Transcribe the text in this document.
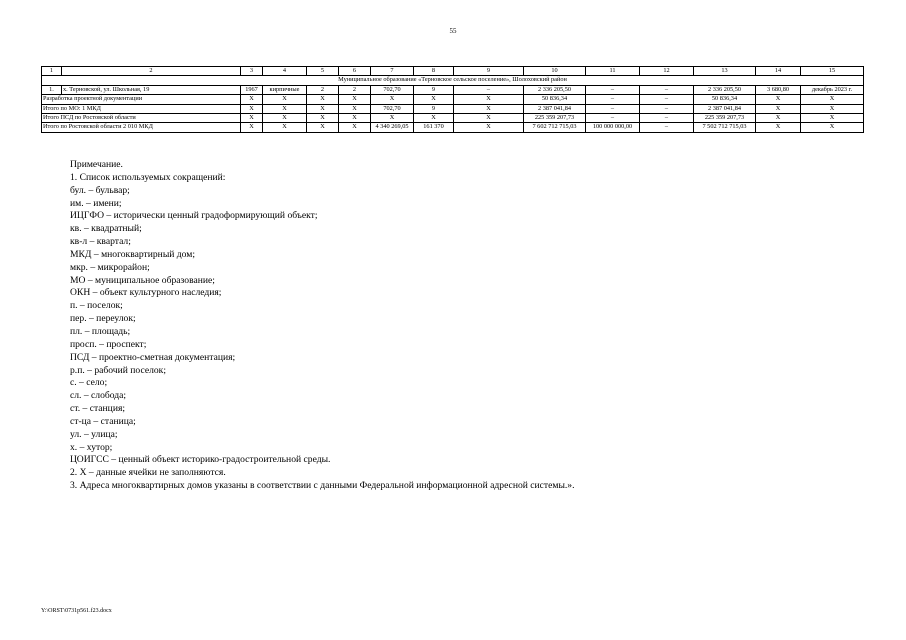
55
1	2	3	4	5	6	7	8	9	10	11	12	13	14	15
Муниципальное образование «Терновское сельское поселение», Шолоховский район														
1.	х. Терновской, ул. Школьная, 19	1967	кирпичные	2	2	702,70	9	–	2 336 205,50	–	–	2 336 205,50	3 680,80	декабрь 2023 г.
Разработка проектной документации		Х	Х	Х	Х	Х	Х	Х	50 836,34	–	–	50 836,34	Х	Х
Итого по МО: 1 МКД		Х	Х	Х	Х	702,70	9	Х	2 387 041,84	–	–	2 387 041,84	Х	Х
Итого ПСД по Ростовской области		Х	Х	Х	Х	Х	Х	Х	225 359 207,73	–	–	225 359 207,73	Х	Х
Итого по Ростовской области 2 010 МКД		Х	Х	Х	Х	4 340 269,05	161 370	Х	7 602 712 715,03	100 000 000,00	–	7 502 712 715,03	Х	Х
Примечание.
1. Список используемых сокращений:
бул. – бульвар;
им. – имени;
ИЦГФО – исторически ценный градоформирующий объект;
кв. – квадратный;
кв-л – квартал;
МКД – многоквартирный дом;
мкр. – микрорайон;
МО – муниципальное образование;
ОКН – объект культурного наследия;
п. – поселок;
пер. – переулок;
пл. – площадь;
просп. – проспект;
ПСД – проектно-сметная документация;
р.п. – рабочий поселок;
с. – село;
сл. – слобода;
ст. – станция;
ст-ца – станица;
ул. – улица;
х. – хутор;
ЦОИГСС – ценный объект историко-градостроительной среды.
2. Х – данные ячейки не заполняются.
3. Адреса многоквартирных домов указаны в соответствии с данными Федеральной информационной адресной системы.».
Y:\ORST\0731p561.f23.docx
